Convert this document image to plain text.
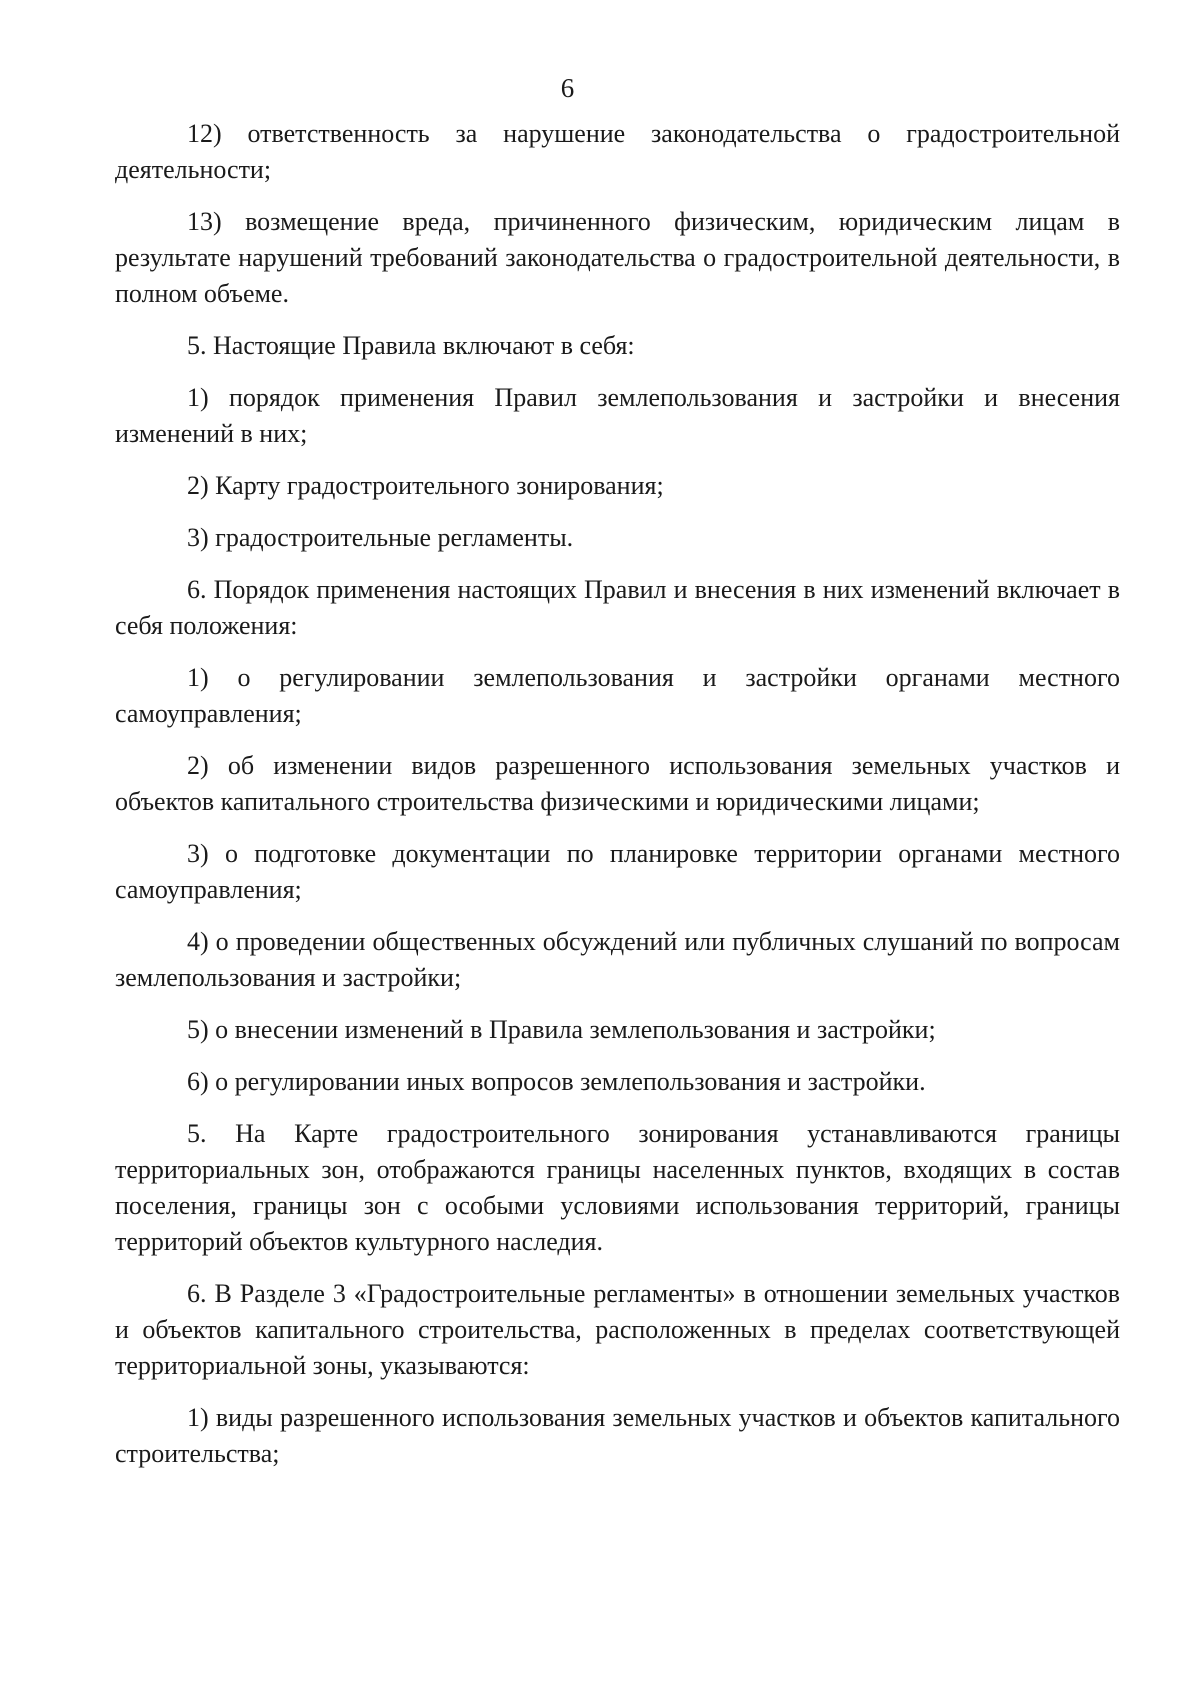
6

12) ответственность за нарушение законодательства о градостроительной деятельности;

13) возмещение вреда, причиненного физическим, юридическим лицам в результате нарушений требований законодательства о градостроительной деятельности, в полном объеме.

5. Настоящие Правила включают в себя:

1) порядок применения Правил землепользования и застройки и внесения изменений в них;

2) Карту градостроительного зонирования;

3) градостроительные регламенты.

6. Порядок применения настоящих Правил и внесения в них изменений включает в себя положения:

1) о регулировании землепользования и застройки органами местного самоуправления;

2) об изменении видов разрешенного использования земельных участков и объектов капитального строительства физическими и юридическими лицами;

3) о подготовке документации по планировке территории органами местного самоуправления;

4) о проведении общественных обсуждений или публичных слушаний по вопросам землепользования и застройки;

5) о внесении изменений в Правила землепользования и застройки;

6) о регулировании иных вопросов землепользования и застройки.

5. На Карте градостроительного зонирования устанавливаются границы территориальных зон, отображаются границы населенных пунктов, входящих в состав поселения, границы зон с особыми условиями использования территорий, границы территорий объектов культурного наследия.

6. В Разделе 3 «Градостроительные регламенты» в отношении земельных участков и объектов капитального строительства, расположенных в пределах соответствующей территориальной зоны, указываются:

1) виды разрешенного использования земельных участков и объектов капитального строительства;
